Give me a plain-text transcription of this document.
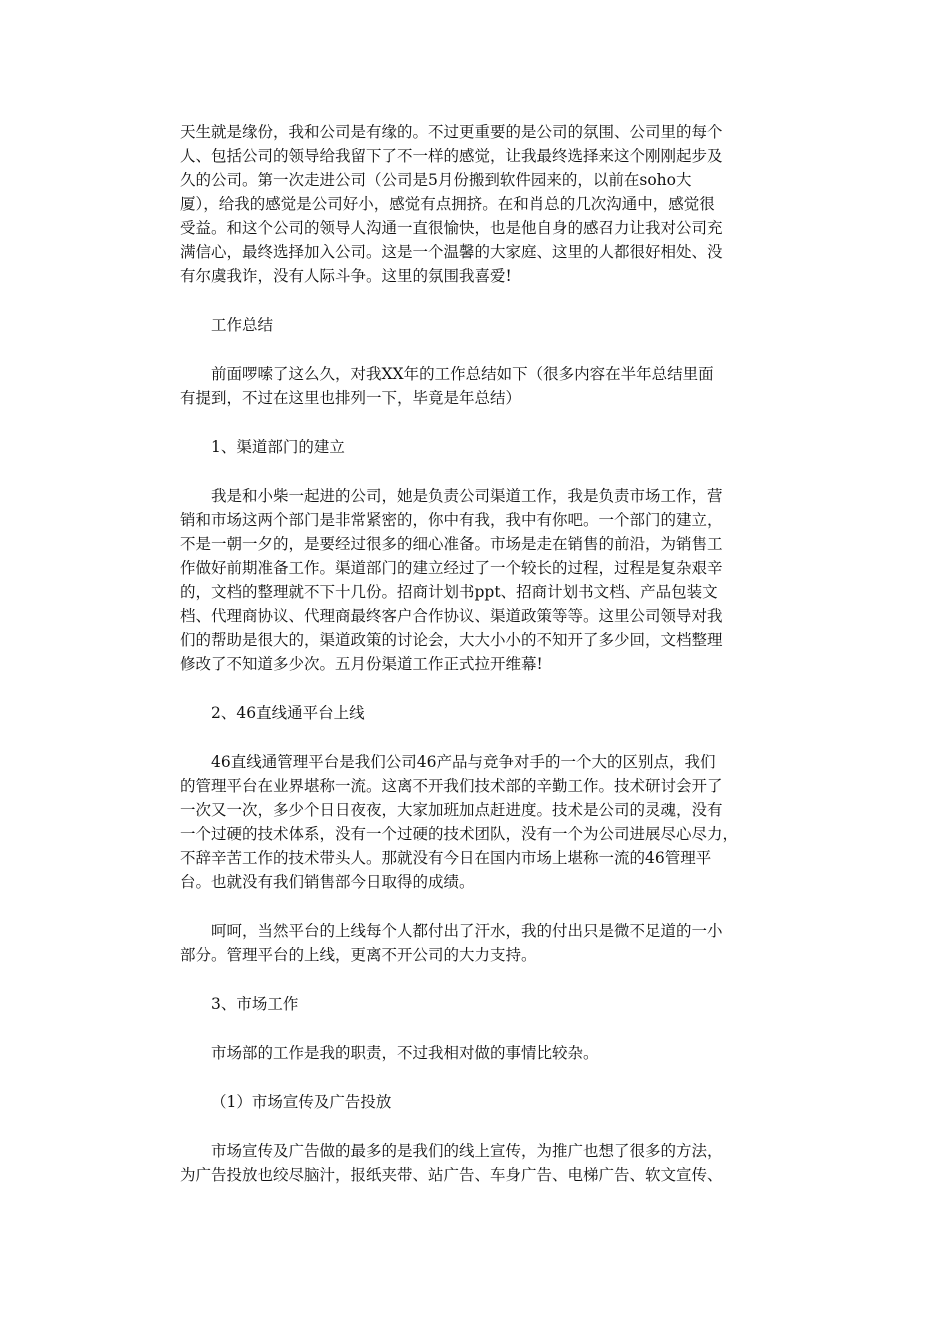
天生就是缘份，我和公司是有缘的。不过更重要的是公司的氛围、公司里的每个
人、包括公司的领导给我留下了不一样的感觉，让我最终选择来这个刚刚起步及
久的公司。第一次走进公司（公司是5月份搬到软件园来的，以前在soho大
厦），给我的感觉是公司好小，感觉有点拥挤。在和肖总的几次沟通中，感觉很
受益。和这个公司的领导人沟通一直很愉快，也是他自身的感召力让我对公司充
满信心，最终选择加入公司。这是一个温馨的大家庭、这里的人都很好相处、没
有尔虞我诈，没有人际斗争。这里的氛围我喜爱!
工作总结
前面啰嗦了这么久，对我XX年的工作总结如下（很多内容在半年总结里面
有提到，不过在这里也排列一下，毕竟是年总结）
1、渠道部门的建立
我是和小柴一起进的公司，她是负责公司渠道工作，我是负责市场工作，营
销和市场这两个部门是非常紧密的，你中有我，我中有你吧。一个部门的建立，
不是一朝一夕的，是要经过很多的细心准备。市场是走在销售的前沿，为销售工
作做好前期准备工作。渠道部门的建立经过了一个较长的过程，过程是复杂艰辛
的，文档的整理就不下十几份。招商计划书ppt、招商计划书文档、产品包装文
档、代理商协议、代理商最终客户合作协议、渠道政策等等。这里公司领导对我
们的帮助是很大的，渠道政策的讨论会，大大小小的不知开了多少回，文档整理
修改了不知道多少次。五月份渠道工作正式拉开维幕!
2、46直线通平台上线
46直线通管理平台是我们公司46产品与竞争对手的一个大的区别点，我们
的管理平台在业界堪称一流。这离不开我们技术部的辛勤工作。技术研讨会开了
一次又一次，多少个日日夜夜，大家加班加点赶进度。技术是公司的灵魂，没有
一个过硬的技术体系，没有一个过硬的技术团队，没有一个为公司进展尽心尽力，
不辞辛苦工作的技术带头人。那就没有今日在国内市场上堪称一流的46管理平
台。也就没有我们销售部今日取得的成绩。
呵呵，当然平台的上线每个人都付出了汗水，我的付出只是微不足道的一小
部分。管理平台的上线，更离不开公司的大力支持。
3、市场工作
市场部的工作是我的职责，不过我相对做的事情比较杂。
（1）市场宣传及广告投放
市场宣传及广告做的最多的是我们的线上宣传，为推广也想了很多的方法，
为广告投放也绞尽脑汁，报纸夹带、站广告、车身广告、电梯广告、软文宣传、
